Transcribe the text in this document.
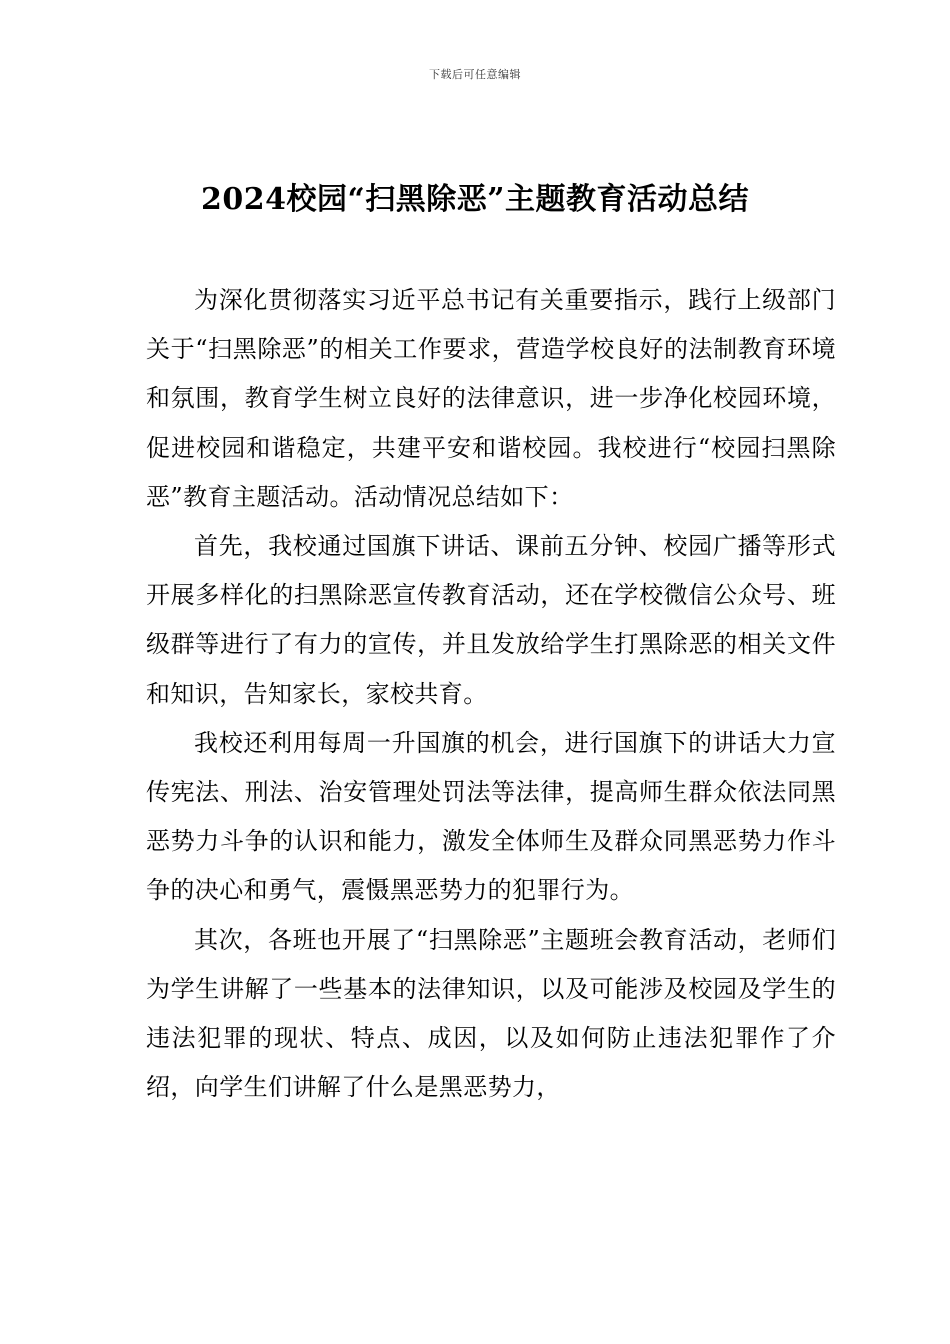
下载后可任意编辑
2024校园“扫黑除恶”主题教育活动总结

为深化贯彻落实习近平总书记有关重要指示，践行上级部门关于“扫黑除恶”的相关工作要求，营造学校良好的法制教育环境和氛围，教育学生树立良好的法律意识，进一步净化校园环境，促进校园和谐稳定，共建平安和谐校园。我校进行“校园扫黑除恶”教育主题活动。活动情况总结如下：

首先，我校通过国旗下讲话、课前五分钟、校园广播等形式开展多样化的扫黑除恶宣传教育活动，还在学校微信公众号、班级群等进行了有力的宣传，并且发放给学生打黑除恶的相关文件和知识，告知家长，家校共育。

我校还利用每周一升国旗的机会，进行国旗下的讲话大力宣传宪法、刑法、治安管理处罚法等法律，提高师生群众依法同黑恶势力斗争的认识和能力，激发全体师生及群众同黑恶势力作斗争的决心和勇气，震慑黑恶势力的犯罪行为。

其次，各班也开展了“扫黑除恶”主题班会教育活动，老师们为学生讲解了一些基本的法律知识，以及可能涉及校园及学生的违法犯罪的现状、特点、成因，以及如何防止违法犯罪作了介绍，向学生们讲解了什么是黑恶势力，
